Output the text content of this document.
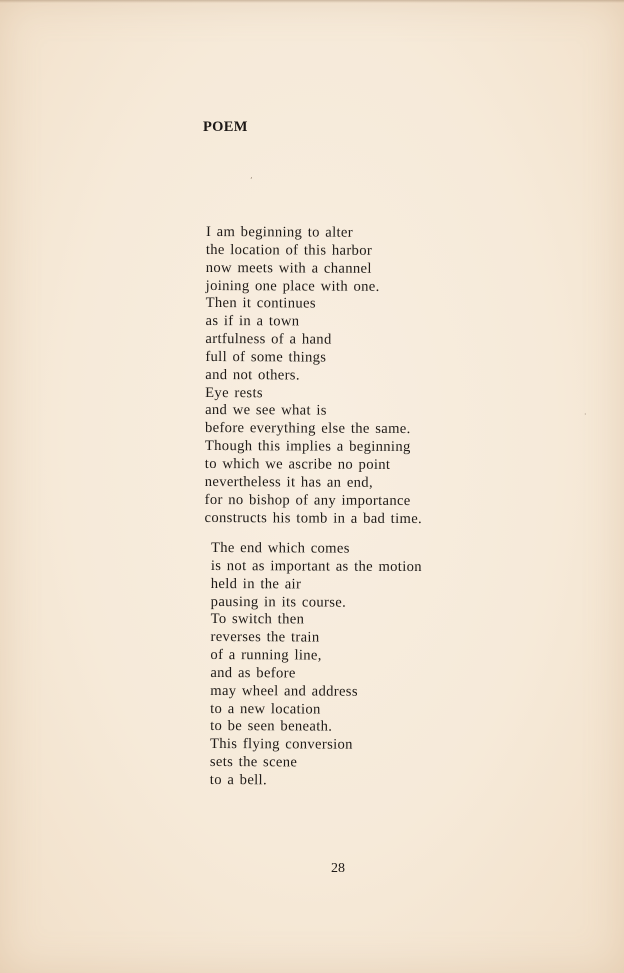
POEM
ʼ
·
I am beginning to alter
the location of this harbor
now meets with a channel
joining one place with one.
Then it continues
as if in a town
artfulness of a hand
full of some things
and not others.
Eye rests
and we see what is
before everything else the same.
Though this implies a beginning
to which we ascribe no point
nevertheless it has an end,
for no bishop of any importance
constructs his tomb in a bad time.
The end which comes
is not as important as the motion
held in the air
pausing in its course.
To switch then
reverses the train
of a running line,
and as before
may wheel and address
to a new location
to be seen beneath.
This flying conversion
sets the scene
to a bell.
28
